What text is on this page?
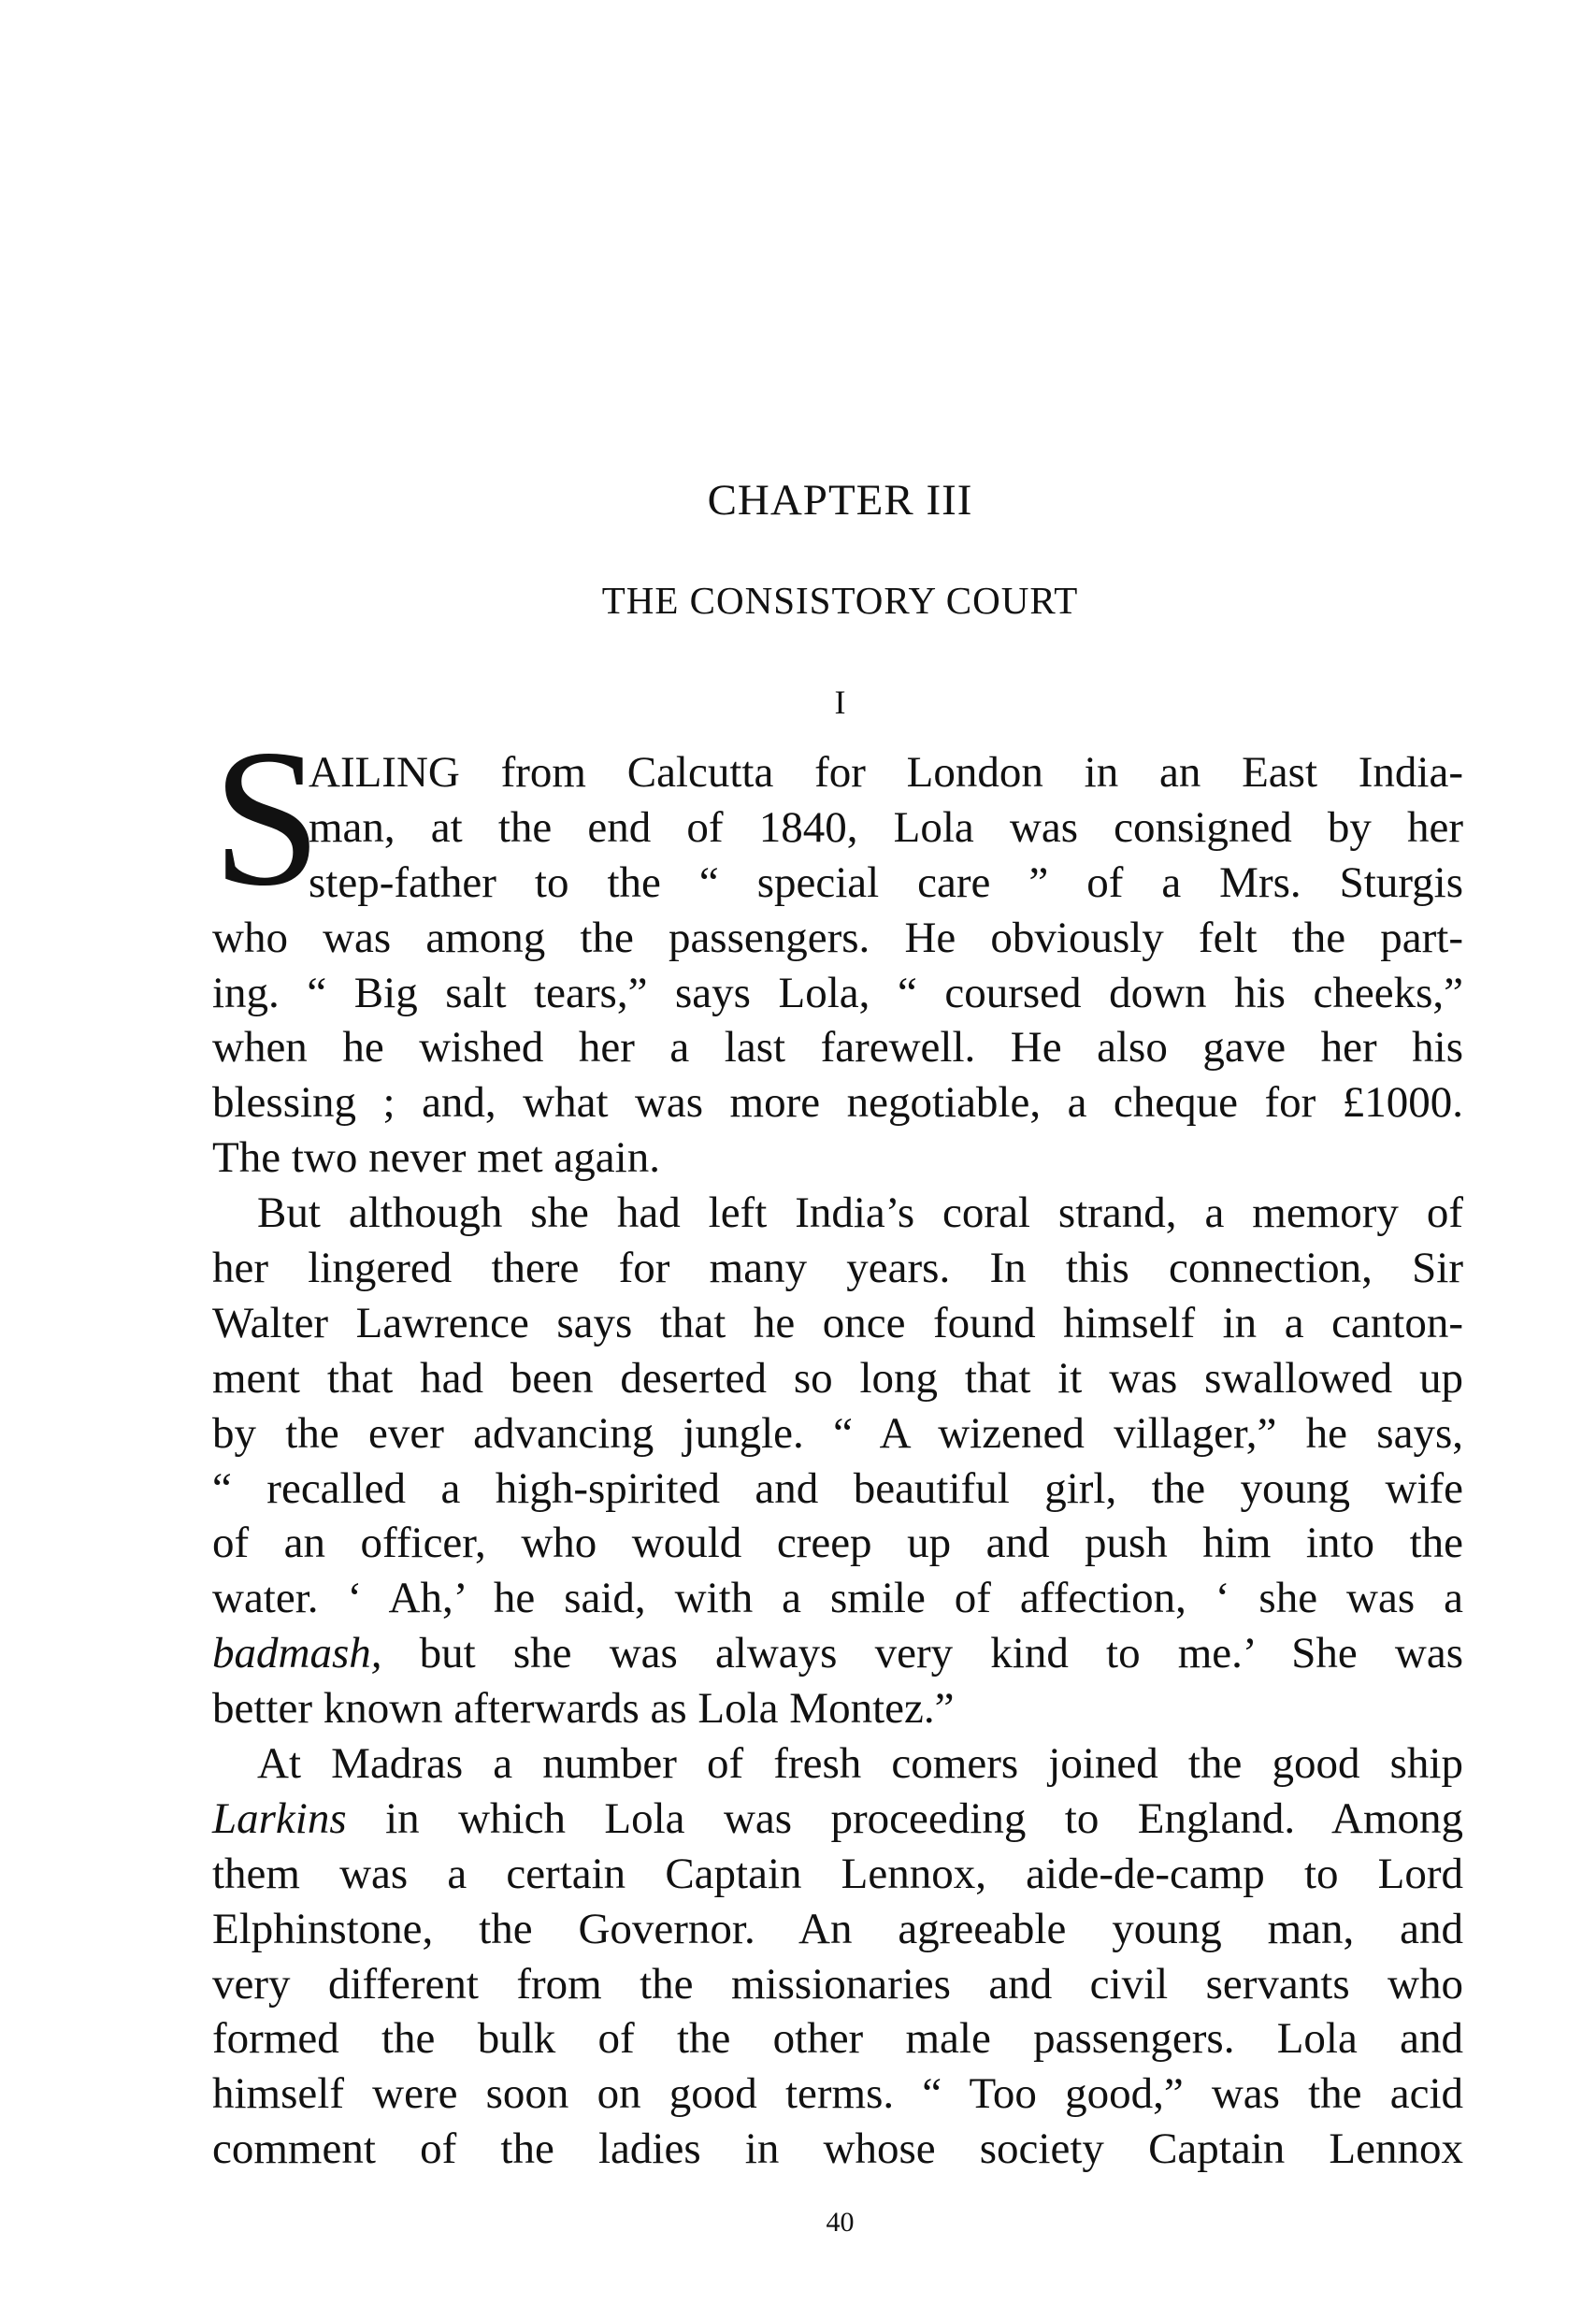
CHAPTER III
THE CONSISTORY COURT
I
S
AILING from Calcutta for London in an East India-
man, at the end of 1840, Lola was consigned by her
step-father to the “ special care ” of a Mrs. Sturgis
who was among the passengers. He obviously felt the part-
ing. “ Big salt tears,” says Lola, “ coursed down his cheeks,”
when he wished her a last farewell. He also gave her his
blessing ; and, what was more negotiable, a cheque for £1000.
The two never met again.
But although she had left India’s coral strand, a memory of
her lingered there for many years. In this connection, Sir
Walter Lawrence says that he once found himself in a canton-
ment that had been deserted so long that it was swallowed up
by the ever advancing jungle. “ A wizened villager,” he says,
“ recalled a high-spirited and beautiful girl, the young wife
of an officer, who would creep up and push him into the
water. ‘ Ah,’ he said, with a smile of affection, ‘ she was a
badmash, but she was always very kind to me.’ She was
better known afterwards as Lola Montez.”
At Madras a number of fresh comers joined the good ship
Larkins in which Lola was proceeding to England. Among
them was a certain Captain Lennox, aide-de-camp to Lord
Elphinstone, the Governor. An agreeable young man, and
very different from the missionaries and civil servants who
formed the bulk of the other male passengers. Lola and
himself were soon on good terms. “ Too good,” was the acid
comment of the ladies in whose society Captain Lennox
40
